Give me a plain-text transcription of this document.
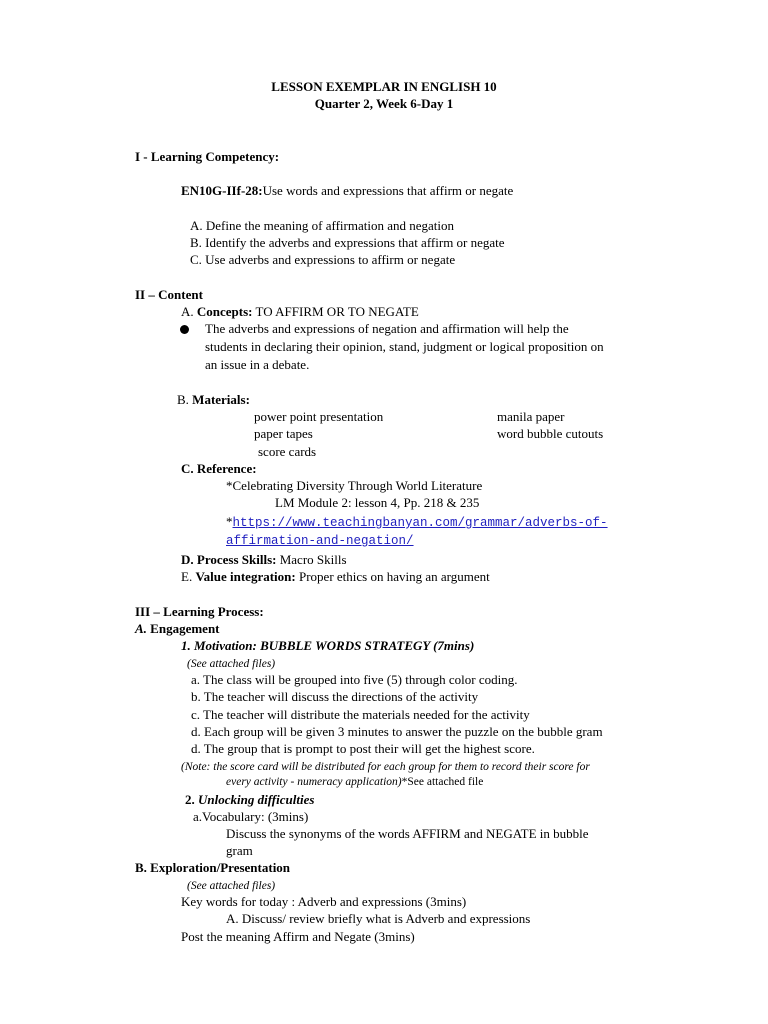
LESSON EXEMPLAR IN ENGLISH 10
Quarter 2, Week 6-Day 1
I - Learning Competency:
EN10G-IIf-28:Use words and expressions that affirm or negate
A. Define the meaning of affirmation and negation
B. Identify the adverbs and expressions that affirm or negate
C. Use adverbs and expressions to affirm or negate
II – Content
A. Concepts: TO AFFIRM OR TO NEGATE
The adverbs and expressions of negation and affirmation will help the
students in declaring their opinion, stand, judgment or logical proposition on
an issue in a debate.
B. Materials:
power point presentation	manila paper
paper tapes	word bubble cutouts
score cards
C. Reference:
*Celebrating Diversity Through World Literature
LM Module 2: lesson 4, Pp. 218 & 235
*https://www.teachingbanyan.com/grammar/adverbs-of-
affirmation-and-negation/
D. Process Skills: Macro Skills
E. Value integration: Proper ethics on having an argument
III – Learning Process:
A. Engagement
1. Motivation: BUBBLE WORDS STRATEGY (7mins)
(See attached files)
a. The class will be grouped into five (5) through color coding.
b. The teacher will discuss the directions of the activity
c. The teacher will distribute the materials needed for the activity
d. Each group will be given 3 minutes to answer the puzzle on the bubble gram
d. The group that is prompt to post their will get the highest score.
(Note: the score card will be distributed for each group for them to record their score for
every activity - numeracy application)*See attached file
2. Unlocking difficulties
a.Vocabulary: (3mins)
Discuss the synonyms of the words AFFIRM and NEGATE in bubble
gram
B. Exploration/Presentation
(See attached files)
Key words for today : Adverb and expressions (3mins)
A. Discuss/ review briefly what is Adverb and expressions
Post the meaning Affirm and Negate (3mins)
